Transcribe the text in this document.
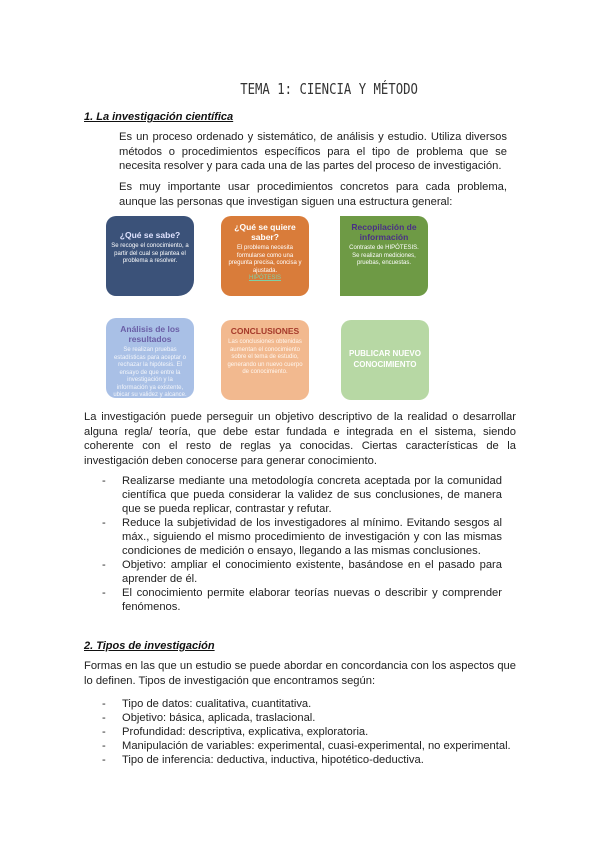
TEMA 1: CIENCIA Y MÉTODO
1. La investigación científica
Es un proceso ordenado y sistemático, de análisis y estudio. Utiliza diversos métodos o procedimientos específicos para el tipo de problema que se necesita resolver y para cada una de las partes del proceso de investigación.
Es muy importante usar procedimientos concretos para cada problema, aunque las personas que investigan siguen una estructura general:
¿Qué se sabe?
Se recoge el conocimiento, a partir del cual se plantea el problema a resolver.
¿Qué se quiere saber?
El problema necesita formularse como una pregunta precisa, concisa y ajustada.
HIPÓTESIS
Recopilación de información
Contraste de HIPÓTESIS. Se realizan mediciones, pruebas, encuestas.
Análisis de los resultados
Se realizan pruebas estadísticas para aceptar o rechazar la hipótesis. El ensayo de que entre la investigación y la información ya existente, ubicar su validez y alcance.
CONCLUSIONES
Las conclusiones obtenidas aumentan el conocimiento sobre el tema de estudio, generando un nuevo cuerpo de conocimiento.
PUBLICAR NUEVO CONOCIMIENTO
La investigación puede perseguir un objetivo descriptivo de la realidad o desarrollar alguna regla/ teoría, que debe estar fundada e integrada en el sistema, siendo coherente con el resto de reglas ya conocidas. Ciertas características de la investigación deben conocerse para generar conocimiento.
- Realizarse mediante una metodología concreta aceptada por la comunidad científica que pueda considerar la validez de sus conclusiones, de manera que se pueda replicar, contrastar y refutar.
- Reduce la subjetividad de los investigadores al mínimo. Evitando sesgos al máx., siguiendo el mismo procedimiento de investigación y con las mismas condiciones de medición o ensayo, llegando a las mismas conclusiones.
- Objetivo: ampliar el conocimiento existente, basándose en el pasado para aprender de él.
- El conocimiento permite elaborar teorías nuevas o describir y comprender fenómenos.
2. Tipos de investigación
Formas en las que un estudio se puede abordar en concordancia con los aspectos que lo definen. Tipos de investigación que encontramos según:
- Tipo de datos: cualitativa, cuantitativa.
- Objetivo: básica, aplicada, traslacional.
- Profundidad: descriptiva, explicativa, exploratoria.
- Manipulación de variables: experimental, cuasi-experimental, no experimental.
- Tipo de inferencia: deductiva, inductiva, hipotético-deductiva.
